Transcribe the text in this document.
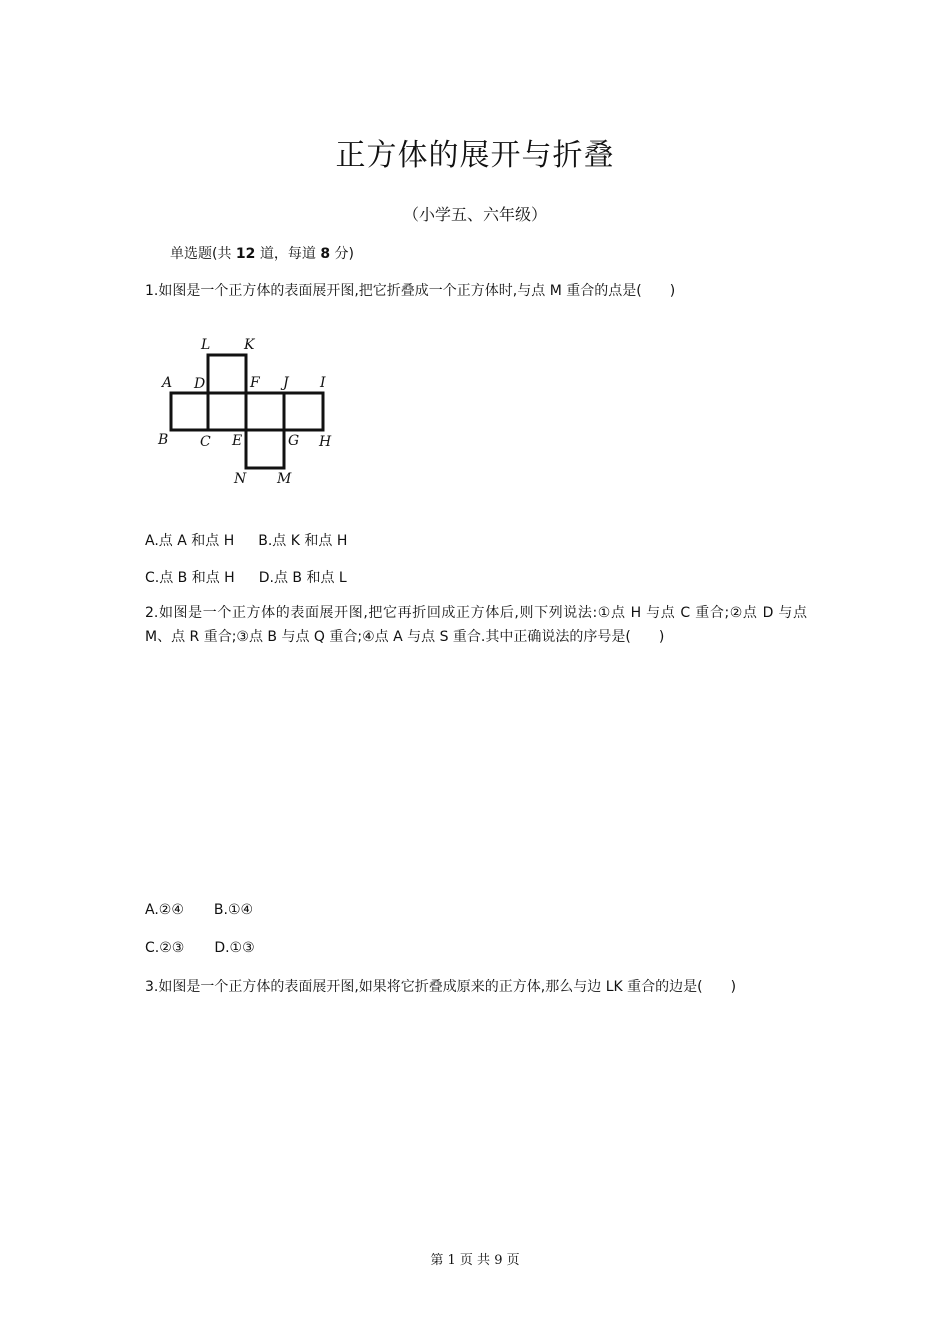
正方体的展开与折叠
（小学五、六年级）
单选题(共 12 道，每道 8 分)
1.如图是一个正方体的表面展开图,把它折叠成一个正方体时,与点 M 重合的点是(　　)
L K
A D	F J I
B C E	G H
N M
A.点 A 和点 H B.点 K 和点 H
C.点 B 和点 H D.点 B 和点 L
2.如图是一个正方体的表面展开图,把它再折回成正方体后,则下列说法:①点 H 与点 C 重合;②点 D 与点 M、点 R 重合;③点 B 与点 Q 重合;④点 A 与点 S 重合.其中正确说法的序号是(　　)
A.②④ B.①④
C.②③ D.①③
3.如图是一个正方体的表面展开图,如果将它折叠成原来的正方体,那么与边 LK 重合的边是(　　)
第 1 页 共 9 页
